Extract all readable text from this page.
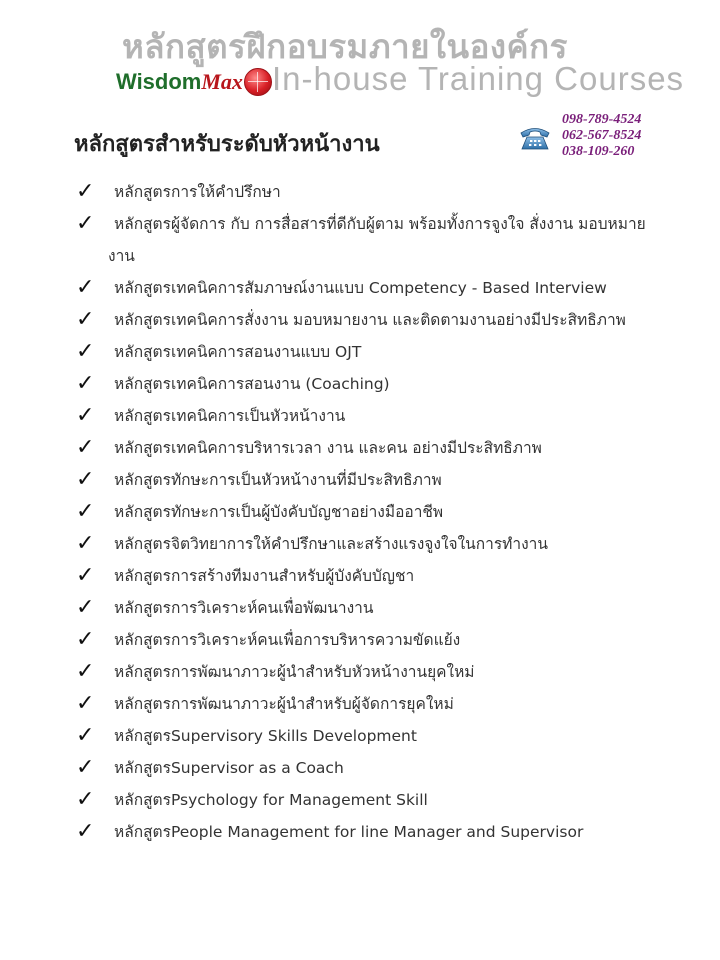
หลักสูตรฝึกอบรมภายในองค์กร
Wisdom Max In-house Training Courses
หลักสูตรสำหรับระดับหัวหน้างาน
098-789-4524
062-567-8524
038-109-260
✓	หลักสูตรการให้คำปรึกษา
✓	หลักสูตรผู้จัดการ กับ การสื่อสารที่ดีกับผู้ตาม พร้อมทั้งการจูงใจ สั่งงาน มอบหมาย
งาน
✓	หลักสูตรเทคนิคการสัมภาษณ์งานแบบ Competency - Based Interview
✓	หลักสูตรเทคนิคการสั่งงาน มอบหมายงาน และติดตามงานอย่างมีประสิทธิภาพ
✓	หลักสูตรเทคนิคการสอนงานแบบ OJT
✓	หลักสูตรเทคนิคการสอนงาน (Coaching)
✓	หลักสูตรเทคนิคการเป็นหัวหน้างาน
✓	หลักสูตรเทคนิคการบริหารเวลา งาน และคน อย่างมีประสิทธิภาพ
✓	หลักสูตรทักษะการเป็นหัวหน้างานที่มีประสิทธิภาพ
✓	หลักสูตรทักษะการเป็นผู้บังคับบัญชาอย่างมืออาชีพ
✓	หลักสูตรจิตวิทยาการให้คำปรึกษาและสร้างแรงจูงใจในการทำงาน
✓	หลักสูตรการสร้างทีมงานสำหรับผู้บังคับบัญชา
✓	หลักสูตรการวิเคราะห์คนเพื่อพัฒนางาน
✓	หลักสูตรการวิเคราะห์คนเพื่อการบริหารความขัดแย้ง
✓	หลักสูตรการพัฒนาภาวะผู้นำสำหรับหัวหน้างานยุคใหม่
✓	หลักสูตรการพัฒนาภาวะผู้นำสำหรับผู้จัดการยุคใหม่
✓	หลักสูตรSupervisory Skills Development
✓	หลักสูตรSupervisor as a Coach
✓	หลักสูตรPsychology for Management Skill
✓	หลักสูตรPeople Management for line Manager and Supervisor
